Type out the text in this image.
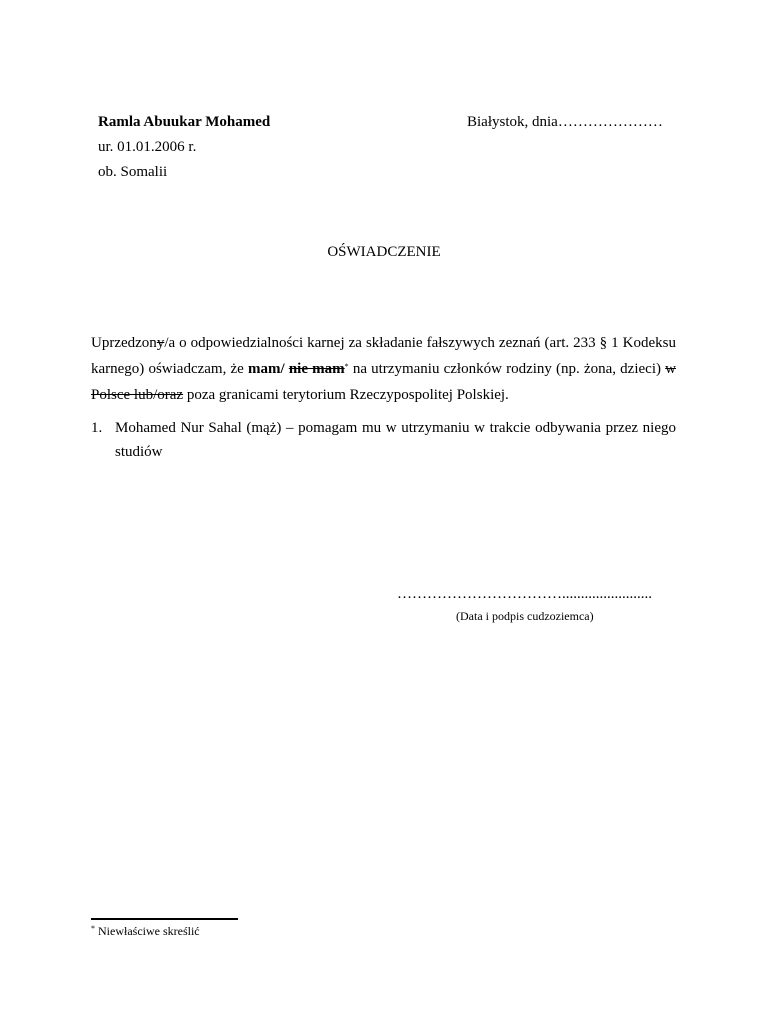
Ramla Abuukar Mohamed
ur. 01.01.2006 r.
ob. Somalii
Białystok, dnia…………………
OŚWIADCZENIE
Uprzedzony/a o odpowiedzialności karnej za składanie fałszywych zeznań (art. 233 § 1 Kodeksu karnego) oświadczam, że mam/ nie mam* na utrzymaniu członków rodziny (np. żona, dzieci) w Polsce lub/oraz poza granicami terytorium Rzeczypospolitej Polskiej.
1. Mohamed Nur Sahal (mąż) – pomagam mu w utrzymaniu w trakcie odbywania przez niego studiów
……………………………........................
(Data i podpis cudzoziemca)
* Niewłaściwe skreślić
